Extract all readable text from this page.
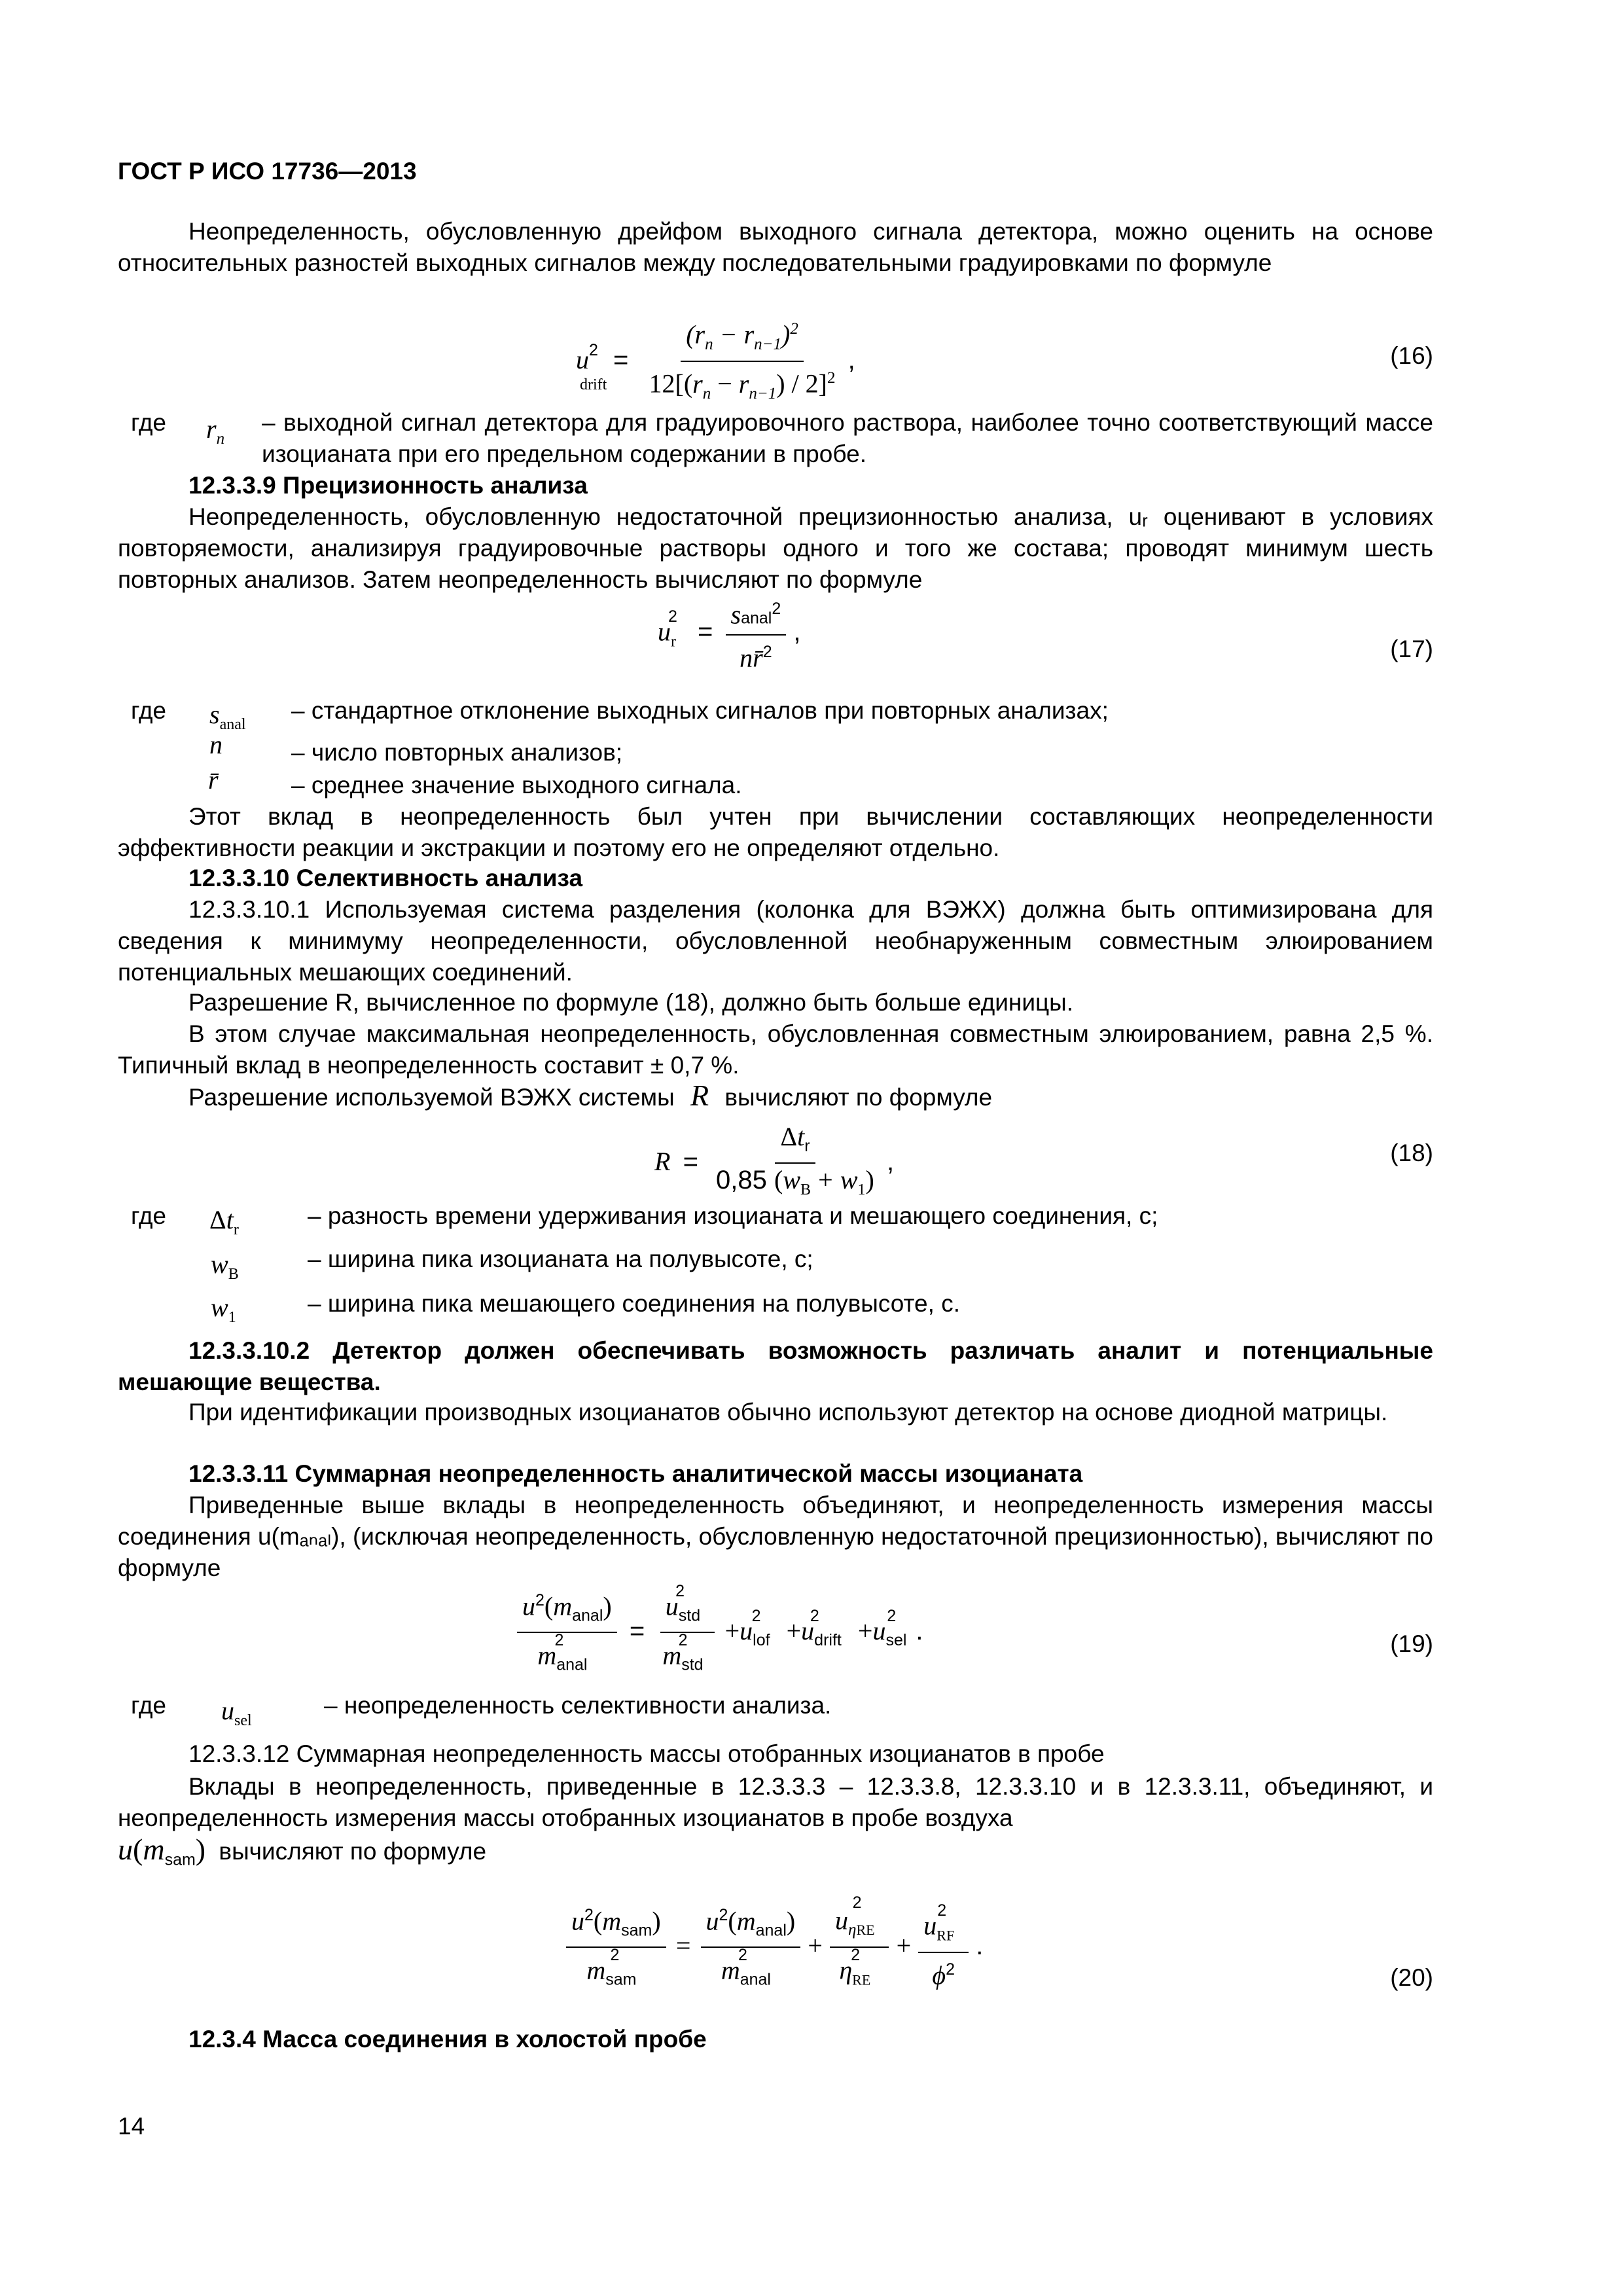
ГОСТ Р ИСО 17736—2013
Неопределенность, обусловленную дрейфом выходного сигнала детектора, можно оценить на основе относительных разностей выходных сигналов между последовательными градуировками по формуле
$u^2$
drift
= $\frac{(r_n - r_{n-1})^2}{12[(r_n - r_{n-1}) / 2]^2}$ ,	(16)
где $r_n$
– выходной сигнал детектора для градуировочного раствора, наиболее точно соответствующий массе изоцианата при его предельном содержании в пробе.
12.3.3.9 Прецизионность анализа
Неопределенность, обусловленную недостаточной прецизионностью анализа, uᵣ оценивают в условиях повторяемости, анализируя градуировочные растворы одного и того же состава; проводят минимум шесть повторных анализов. Затем неопределенность вычисляют по формуле
$u_r^2 = \frac{sanal^2}{nr̄^2}$ ,
(17)
где $s_{anal}$
– стандартное отклонение выходных сигналов при повторных анализах;
n	– число повторных анализов;
r̄	– среднее значение выходного сигнала.
Этот вклад в неопределенность был учтен при вычислении составляющих неопределенности эффективности реакции и экстракции и поэтому его не определяют отдельно.
12.3.3.10 Селективность анализа
12.3.3.10.1 Используемая система разделения (колонка для ВЭЖХ) должна быть оптимизирована для сведения к минимуму неопределенности, обусловленной необнаруженным совместным элюированием потенциальных мешающих соединений.
Разрешение R, вычисленное по формуле (18), должно быть больше единицы.
В этом случае максимальная неопределенность, обусловленная совместным элюированием, равна 2,5 %. Типичный вклад в неопределенность составит ± 0,7 %.
Разрешение используемой ВЭЖХ системы R вычисляют по формуле
$R = \frac{\Delta t_r}{0,85 (w_B + w_1)}$ ,	(18)
где $\Delta t_r$
– разность времени удерживания изоцианата и мешающего соединения, с;
$w_B$
– ширина пика изоцианата на полувысоте, с;
$w_1$
– ширина пика мешающего соединения на полувысоте, с.
12.3.3.10.2 Детектор должен обеспечивать возможность различать аналит и потенциальные мешающие вещества.
При идентификации производных изоцианатов обычно используют детектор на основе диодной матрицы.
12.3.3.11 Суммарная неопределенность аналитической массы изоцианата
Приведенные выше вклады в неопределенность объединяют, и неопределенность измерения массы соединения u(mₐₙₐₗ), (исключая неопределенность, обусловленную недостаточной прецизионностью), вычисляют по формуле
$\frac{u^2(m_{anal})}{m_{anal}^2} = \frac{u_{std}^2}{m_{std}^2} +u_{lof}^2 +u_{drift}^2 +u_{sel}^2$.	(19)
где $u_{sel}$
– неопределенность селективности анализа.
12.3.3.12 Суммарная неопределенность массы отобранных изоцианатов в пробе
Вклады в неопределенность, приведенные в 12.3.3.3 – 12.3.3.8, 12.3.3.10 и в 12.3.3.11, объединяют, и неопределенность измерения массы отобранных изоцианатов в пробе воздуха
$u(m_{sam})$ вычисляют по формуле
$\frac{u^2(m_{sam})}{m_{sam}^2} = \frac{u^2(m_{anal})}{m_{anal}^2} + \frac{u_{\eta RE}^2}{\eta_{RE}^2} + \frac{u_{RF}^2}{\phi^2}$ .
(20)
12.3.4 Масса соединения в холостой пробе
14
